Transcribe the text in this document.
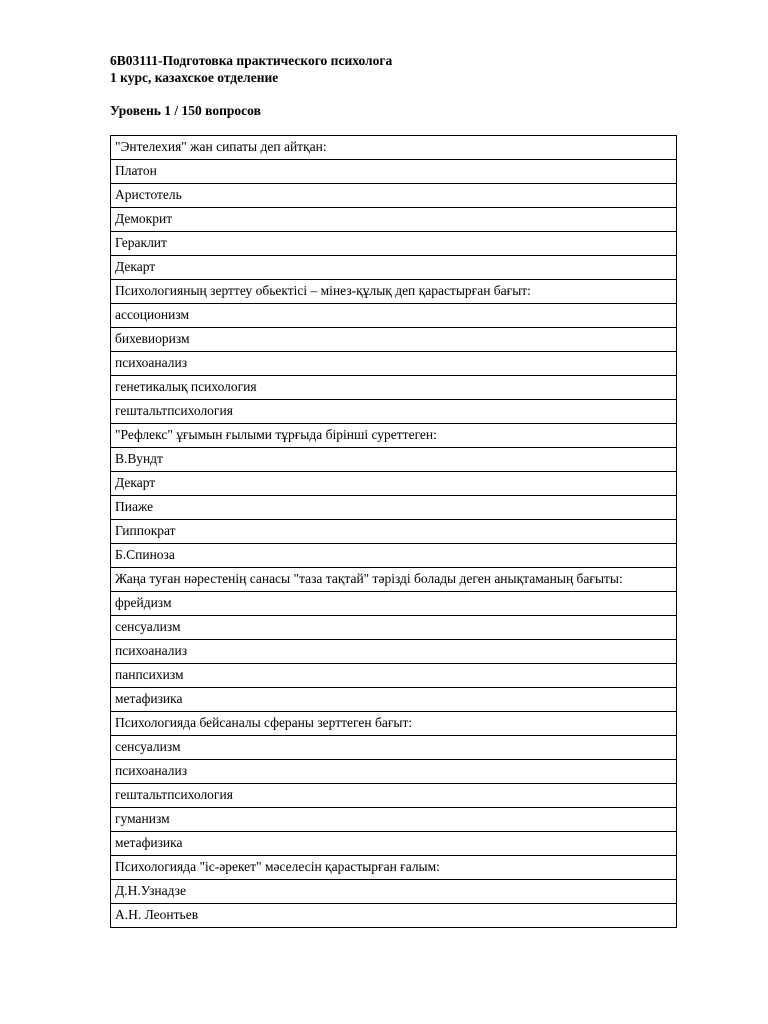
6B03111-Подготовка практического психолога
1 курс, казахское отделение
Уровень 1 / 150 вопросов
"Энтелехия" жан сипаты деп айтқан:
Платон
Аристотель
Демокрит
Гераклит
Декарт
Психологияның зерттеу обьектісі – мінез-құлық деп қарастырған бағыт:
ассоционизм
бихевиоризм
психоанализ
генетикалық психология
гештальтпсихология
"Рефлекс" ұғымын ғылыми тұрғыда бірінші суреттеген:
В.Вундт
Декарт
Пиаже
Гиппократ
Б.Спиноза
Жаңа туған нәрестенің санасы "таза тақтай" тәрізді болады деген анықтаманың бағыты:
фрейдизм
сенсуализм
психоанализ
панпсихизм
метафизика
Психологияда бейсаналы сфераны зерттеген бағыт:
сенсуализм
психоанализ
гештальтпсихология
гуманизм
метафизика
Психологияда "іс-әрекет" мәселесін қарастырған ғалым:
Д.Н.Узнадзе
А.Н. Леонтьев
